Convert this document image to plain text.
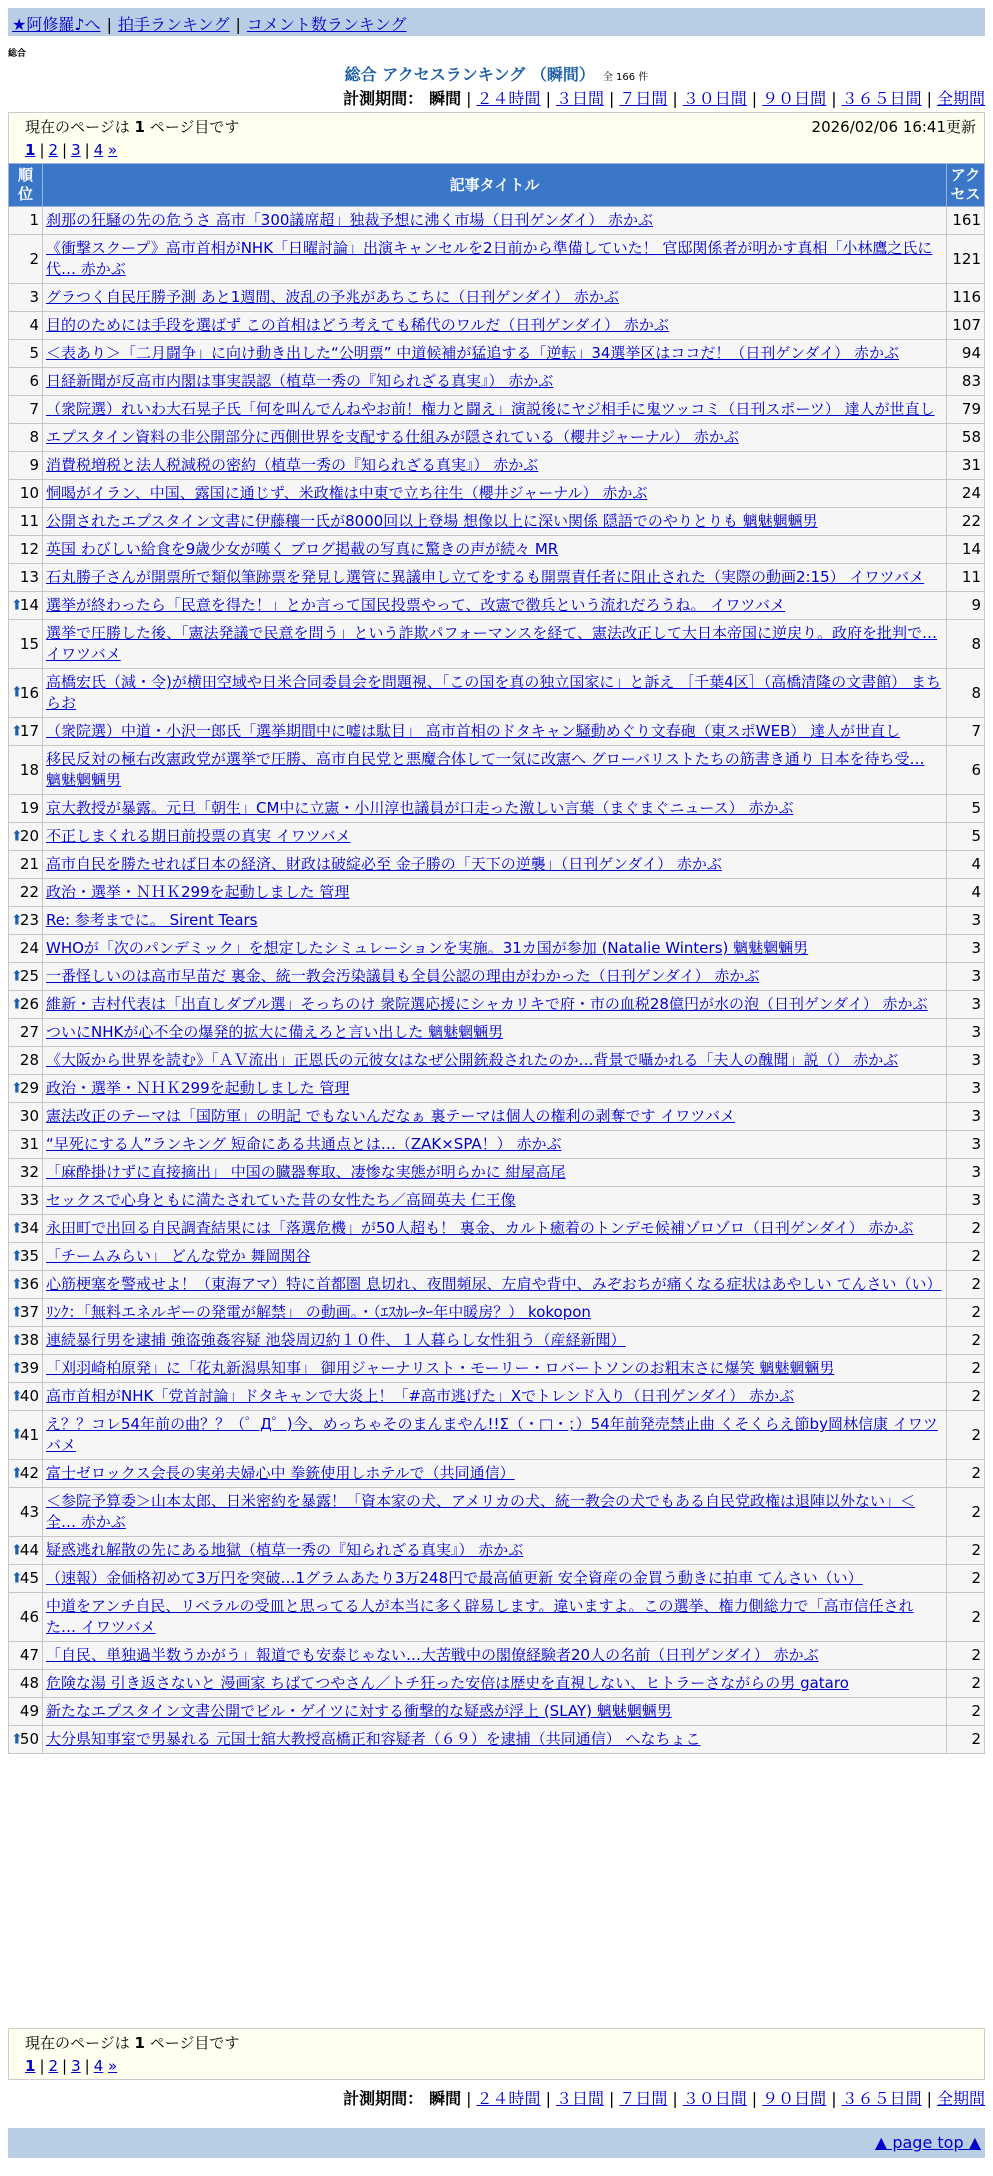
★阿修羅♪へ | 拍手ランキング | コメント数ランキング
総合
総合 アクセスランキング （瞬間） 全 166 件
計測期間： 瞬間 | ２４時間 | ３日間 | ７日間 | ３０日間 | ９０日間 | ３６５日間 | 全期間
現在のページは 1 ページ目です	2026/02/06 16:41更新
1 | 2 | 3 | 4 »
順位	記事タイトル	アクセス
1	刹那の狂騒の先の危うさ 高市「300議席超」独裁予想に沸く市場（日刊ゲンダイ） 赤かぶ	161
2	《衝撃スクープ》高市首相がNHK「日曜討論」出演キャンセルを2日前から準備していた！ 官邸関係者が明かす真相「小林鷹之氏に代… 赤かぶ	121
3	グラつく自民圧勝予測 あと1週間、波乱の予兆があちこちに（日刊ゲンダイ） 赤かぶ	116
4	目的のためには手段を選ばず この首相はどう考えても稀代のワルだ（日刊ゲンダイ） 赤かぶ	107
5	＜表あり＞「二月闘争」に向け動き出した“公明票” 中道候補が猛追する「逆転」34選挙区はココだ！（日刊ゲンダイ） 赤かぶ	94
6	日経新聞が反高市内閣は事実誤認（植草一秀の『知られざる真実』） 赤かぶ	83
7	（衆院選）れいわ大石晃子氏「何を叫んでんねやお前！権力と闘え」演説後にヤジ相手に鬼ツッコミ（日刊スポーツ） 達人が世直し	79
8	エプスタイン資料の非公開部分に西側世界を支配する仕組みが隠されている（櫻井ジャーナル） 赤かぶ	58
9	消費税増税と法人税減税の密約（植草一秀の『知られざる真実』） 赤かぶ	31
10	恫喝がイラン、中国、露国に通じず、米政権は中東で立ち往生（櫻井ジャーナル） 赤かぶ	24
11	公開されたエプスタイン文書に伊藤穰一氏が8000回以上登場 想像以上に深い関係 隠語でのやりとりも 魑魅魍魎男	22
12	英国 わびしい給食を9歳少女が嘆く ブログ掲載の写真に驚きの声が続々 MR	14
13	石丸勝子さんが開票所で類似筆跡票を発見し選管に異議申し立てをするも開票責任者に阻止された（実際の動画2:15） イワツバメ	11

⬆
14	選挙が終わったら「民意を得た！」とか言って国民投票やって、改憲で徴兵という流れだろうね。 イワツバメ	9
15	選挙で圧勝した後、「憲法発議で民意を問う」という詐欺パフォーマンスを経て、憲法改正して大日本帝国に逆戻り。政府を批判で… イワツバメ	8

⬆
16	高橋宏氏（減・令)が横田空域や日米合同委員会を問題視、「この国を真の独立国家に」と訴え ［千葉4区］（高橋清隆の文書館） まちらお	8

⬆
17	（衆院選）中道・小沢一郎氏「選挙期間中に嘘は駄目」 高市首相のドタキャン騒動めぐり文春砲（東スポWEB） 達人が世直し	7
18	移民反対の極右改憲政党が選挙で圧勝、高市自民党と悪魔合体して一気に改憲へ グローバリストたちの筋書き通り 日本を待ち受… 魑魅魍魎男	6
19	京大教授が暴露。元旦「朝生」CM中に立憲・小川淳也議員が口走った激しい言葉（まぐまぐニュース） 赤かぶ	5

⬆
20	不正しまくれる期日前投票の真実 イワツバメ	5
21	高市自民を勝たせれば日本の経済、財政は破綻必至 金子勝の「天下の逆襲」（日刊ゲンダイ） 赤かぶ	4
22	政治・選挙・ＮＨＫ299を起動しました 管理	4

⬆
23	Re: 参考までに。 Sirent Tears	3
24	WHOが「次のパンデミック」を想定したシミュレーションを実施。31カ国が参加 (Natalie Winters) 魑魅魍魎男	3

⬆
25	一番怪しいのは高市早苗だ 裏金、統一教会汚染議員も全員公認の理由がわかった（日刊ゲンダイ） 赤かぶ	3

⬆
26	維新・吉村代表は「出直しダブル選」そっちのけ 衆院選応援にシャカリキで府・市の血税28億円が水の泡（日刊ゲンダイ） 赤かぶ	3
27	ついにNHKが心不全の爆発的拡大に備えろと言い出した 魑魅魍魎男	3
28	《大阪から世界を読む》「ＡＶ流出」正恩氏の元彼女はなぜ公開銃殺されたのか…背景で囁かれる「夫人の醜聞」説（） 赤かぶ	3

⬆
29	政治・選挙・ＮＨＫ299を起動しました 管理	3
30	憲法改正のテーマは「国防軍」の明記 でもないんだなぁ 裏テーマは個人の権利の剥奪です イワツバメ	3
31	“早死にする人”ランキング 短命にある共通点とは…（ZAK×SPA！） 赤かぶ	3
32	「麻酔掛けずに直接摘出」 中国の臓器奪取、凄惨な実態が明らかに 紺屋高尾	3
33	セックスで心身ともに満たされていた昔の女性たち／高岡英夫 仁王像	3

⬆
34	永田町で出回る自民調査結果には「落選危機」が50人超も！ 裏金、カルト癒着のトンデモ候補ゾロゾロ（日刊ゲンダイ） 赤かぶ	2

⬆
35	「チームみらい」 どんな党か 舞岡関谷	2

⬆
36	心筋梗塞を警戒せよ！（東海アマ）特に首都圏 息切れ、夜間頻尿、左肩や背中、みぞおちが痛くなる症状はあやしい てんさい（い）	2

⬆
37	ﾘﾝｸ：「無料エネルギーの発電が解禁」 の動画。・（ｴｽｶﾚｰﾀｰ年中暖房？） kokopon	2

⬆
38	連続暴行男を逮捕 強盗強姦容疑 池袋周辺約１０件、１人暮らし女性狙う（産経新聞）	2

⬆
39	「刈羽崎柏原発」に「花丸新潟県知事」 御用ジャーナリスト・モーリー・ロバートソンのお粗末さに爆笑 魑魅魍魎男	2

⬆
40	高市首相がNHK「党首討論」ドタキャンで大炎上！「#高市逃げた」Xでトレンド入り（日刊ゲンダイ） 赤かぶ	2

⬆
41	え？？コレ54年前の曲？？（゜Д゜)今、めっちゃそのまんまやん!!Σ（・□・；）54年前発売禁止曲 くそくらえ節by岡林信康 イワツバメ	2

⬆
42	富士ゼロックス会長の実弟夫婦心中 拳銃使用しホテルで（共同通信）	2
43	＜参院予算委＞山本太郎、日米密約を暴露！「資本家の犬、アメリカの犬、統一教会の犬でもある自民党政権は退陣以外ない」＜全… 赤かぶ	2

⬆
44	疑惑逃れ解散の先にある地獄（植草一秀の『知られざる真実』） 赤かぶ	2

⬆
45	（速報）金価格初めて3万円を突破…1グラムあたり3万248円で最高値更新 安全資産の金買う動きに拍車 てんさい（い）	2
46	中道をアンチ自民、リベラルの受皿と思ってる人が本当に多く辟易します。違いますよ。この選挙、権力側総力で「高市信任された… イワツバメ	2
47	「自民、単独過半数うかがう」報道でも安泰じゃない…大苦戦中の閣僚経験者20人の名前（日刊ゲンダイ） 赤かぶ	2
48	危険な湯 引き返さないと 漫画家 ちばてつやさん／トチ狂った安倍は歴史を直視しない、ヒトラーさながらの男 gataro	2
49	新たなエプスタイン文書公開でビル・ゲイツに対する衝撃的な疑惑が浮上 (SLAY) 魑魅魍魎男	2

⬆
50	大分県知事室で男暴れる 元国士舘大教授高橋正和容疑者（６９）を逮捕（共同通信） へなちょこ	2
現在のページは 1 ページ目です
1 | 2 | 3 | 4 »
計測期間： 瞬間 | ２４時間 | ３日間 | ７日間 | ３０日間 | ９０日間 | ３６５日間 | 全期間
▲ page top ▲
